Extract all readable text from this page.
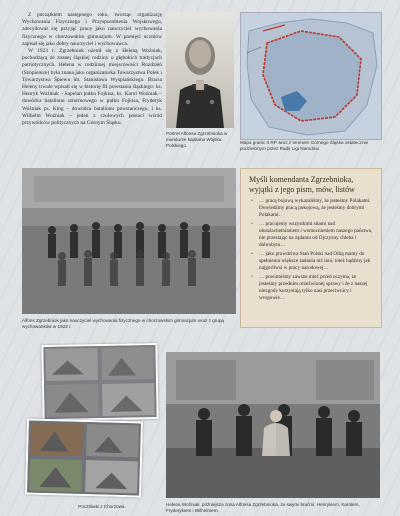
Z początkiem następnego roku, tworząc organizację Wychowania Fizycznego i Przysposobienia Wojskowego, zdecydował się przyjąć pracę jako nauczyciel wychowania fizycznego w chorzowskim gimnazjum. W pamięci uczniów zapisał się jako dobry nauczyciel i wychowawca.

W 1923 r. Zgrzebniok ożenił się z Heleną Woźniak, pochodzącą ze znanej śląskiej rodziny o głębokich tradycjach patriotycznych. Helena w rodzinnej miejscowości Rozdzień (Szopienice) była znana jako organizatorka Towarzystwa Polek i Towarzystwa Śpiewu im. Stanisława Wyspiańskiego. Bracia Heleny trwale wpisali się w historię III powstania śląskiego: ks. Henryk Woźniak – kapelan pułku Fojkisa, ks. Karol Woźniak – dowódca batalionu szturmowego w pułku Fojkisa, Fryderyk Woźniak ps. King – dowódca batalionu powstańczego, i ks. Wilhelm Woźniak – jeden z czołowych postaci wśród przywódców politycznych na Górnym Śląsku.

Portret Alfonsa Zgrzebnioka w mundurze kapitana Wojska Polskiego.
Mapa granic II RP wraz z terenem Górnego Śląska ostatecznie podzielonym przez Radę Ligi Narodów.
Alfons Zgrzebniok jako nauczyciel wychowania fizycznego w chorzowskim gimnazjum wraz z grupą wychowanków w 1923 r.
Myśli komendanta Zgrzebnioka, wyjątki z jego pism, mów, listów
• … pracą bojową wykazaliśmy, że jesteśmy Polakami. Dowiedźmy pracą pokojową, że jesteśmy dobrymi Polakami.
• … pracujemy wszystkimi siłami nad ułuszlachetnianiem i wzmocnieniem naszego państwa, nie przestając na żądaniu od Ojczyzny chleba i dobrobytu…
• … jako prawdziwa Stań Polski nad Odrą mamy do spełnienia większe zadania niż inni, toteż bądźmy jak najgorliwsi w pracy narodowej…
• … powinniśmy zawsze mieć przed oczyma, że jesteśmy przednim orzeźwionej sprawy i że z naszej niezgody korzystają tylko nasi przeciwnicy i wrogowie…
Pocztówki z Chorzowa.	Helena Woźniak, późniejsza żona Alfonsa Zgrzebnioka, ze swymi braćmi: Henrykiem, Karolem, Fryderykiem i Wilhelmem.
